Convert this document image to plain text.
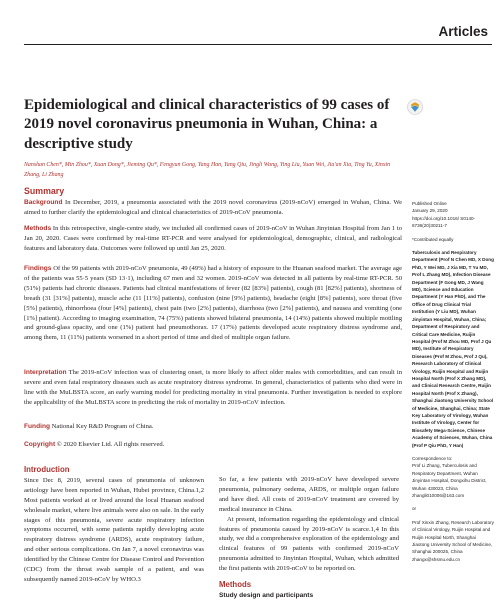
Articles
Epidemiological and clinical characteristics of 99 cases of 2019 novel coronavirus pneumonia in Wuhan, China: a descriptive study

Nanshan Chen*, Min Zhou*, Xuan Dong*, Jieming Qu*, Fengyun Gong, Yang Han, Yang Qiu, Jingli Wang, Ying Liu, Yuan Wei, Jia'an Xia, Ting Yu, Xinxin Zhang, Li Zhang

Summary

Background In December, 2019, a pneumonia associated with the 2019 novel coronavirus (2019-nCoV) emerged in Wuhan, China. We aimed to further clarify the epidemiological and clinical characteristics of 2019-nCoV pneumonia.

Methods In this retrospective, single-centre study, we included all confirmed cases of 2019-nCoV in Wuhan Jinyintan Hospital from Jan 1 to Jan 20, 2020. Cases were confirmed by real-time RT-PCR and were analysed for epidemiological, demographic, clinical, and radiological features and laboratory data. Outcomes were followed up until Jan 25, 2020.

Findings Of the 99 patients with 2019-nCoV pneumonia, 49 (49%) had a history of exposure to the Huanan seafood market. The average age of the patients was 55·5 years (SD 13·1), including 67 men and 32 women. 2019-nCoV was detected in all patients by real-time RT-PCR. 50 (51%) patients had chronic diseases. Patients had clinical manifestations of fever (82 [83%] patients), cough (81 [82%] patients), shortness of breath (31 [31%] patients), muscle ache (11 [11%] patients), confusion (nine [9%] patients), headache (eight [8%] patients), sore throat (five [5%] patients), rhinorrhoea (four [4%] patients), chest pain (two [2%] patients), diarrhoea (two [2%] patients), and nausea and vomiting (one [1%] patient). According to imaging examination, 74 (75%) patients showed bilateral pneumonia, 14 (14%) patients showed multiple mottling and ground-glass opacity, and one (1%) patient had pneumothorax. 17 (17%) patients developed acute respiratory distress syndrome and, among them, 11 (11%) patients worsened in a short period of time and died of multiple organ failure.

Interpretation The 2019-nCoV infection was of clustering onset, is more likely to affect older males with comorbidities, and can result in severe and even fatal respiratory diseases such as acute respiratory distress syndrome. In general, characteristics of patients who died were in line with the MuLBSTA score, an early warning model for predicting mortality in viral pneumonia. Further investigation is needed to explore the applicability of the MuLBSTA score in predicting the risk of mortality in 2019-nCoV infection.

Funding National Key R&D Program of China.

Copyright © 2020 Elsevier Ltd. All rights reserved.

Introduction

Since Dec 8, 2019, several cases of pneumonia of unknown aetiology have been reported in Wuhan, Hubei province, China.1,2 Most patients worked at or lived around the local Huanan seafood wholesale market, where live animals were also on sale. In the early stages of this pneumonia, severe acute respiratory infection symptoms occurred, with some patients rapidly developing acute respiratory distress syndrome (ARDS), acute respiratory failure, and other serious complications. On Jan 7, a novel coronavirus was identified by the Chinese Centre for Disease Control and Prevention (CDC) from the throat swab sample of a patient, and was subsequently named 2019-nCoV by WHO.3

So far, a few patients with 2019-nCoV have developed severe pneumonia, pulmonary oedema, ARDS, or multiple organ failure and have died. All costs of 2019-nCoV treatment are covered by medical insurance in China.

At present, information regarding the epidemiology and clinical features of pneumonia caused by 2019-nCoV is scarce.1,4 In this study, we did a comprehensive exploration of the epidemiology and clinical features of 99 patients with confirmed 2019-nCoV pneumonia admitted to Jinyintan Hospital, Wuhan, which admitted the first patients with 2019-nCoV to be reported on.

Methods
Study design and participants

Published Online
January 29, 2020
https://doi.org/10.1016/ S0140-6736(20)30211-7

*Contributed equally

Tuberculosis and Respiratory Department (Prof N Chen MD, X Dong PhD, Y Wei MD, J Xia MD, T Yu MD, Prof L Zhang MD), Infection Disease Department (F Gong MD, J Wang MD), Science and Education Department (Y Han PhD), and The Office of Drug Clinical Trial Institution (Y Liu MD), Wuhan Jinyintan Hospital, Wuhan, China; Department of Respiratory and Critical Care Medicine, Ruijin Hospital (Prof M Zhou MD, Prof J Qu MD), Institute of Respiratory Diseases (Prof M Zhou, Prof J Qu), Research Laboratory of Clinical Virology, Ruijin Hospital and Ruijin Hospital North (Prof X Zhang MD), and Clinical Research Centre, Ruijin Hospital North (Prof X Zhang), Shanghai Jiaotong University School of Medicine, Shanghai, China; State Key Laboratory of Virology, Wuhan Institute of Virology, Center for Biosafety Mega-Science, Chinese Academy of Sciences, Wuhan, China (Prof P Qiu PhD, Y Han)

Correspondence to:
Prof Li Zhang, Tuberculosis and Respiratory Department, Wuhan Jinyintan Hospital, Dongxihu District, Wuhan 430023, China zhangli010006@163.com

or

Prof Xinxin Zhang, Research Laboratory of Clinical Virology, Ruijin Hospital and Ruijin Hospital North, Shanghai Jiaotong University School of Medicine, Shanghai 200025, China zhangx@shsmu.edu.cn
